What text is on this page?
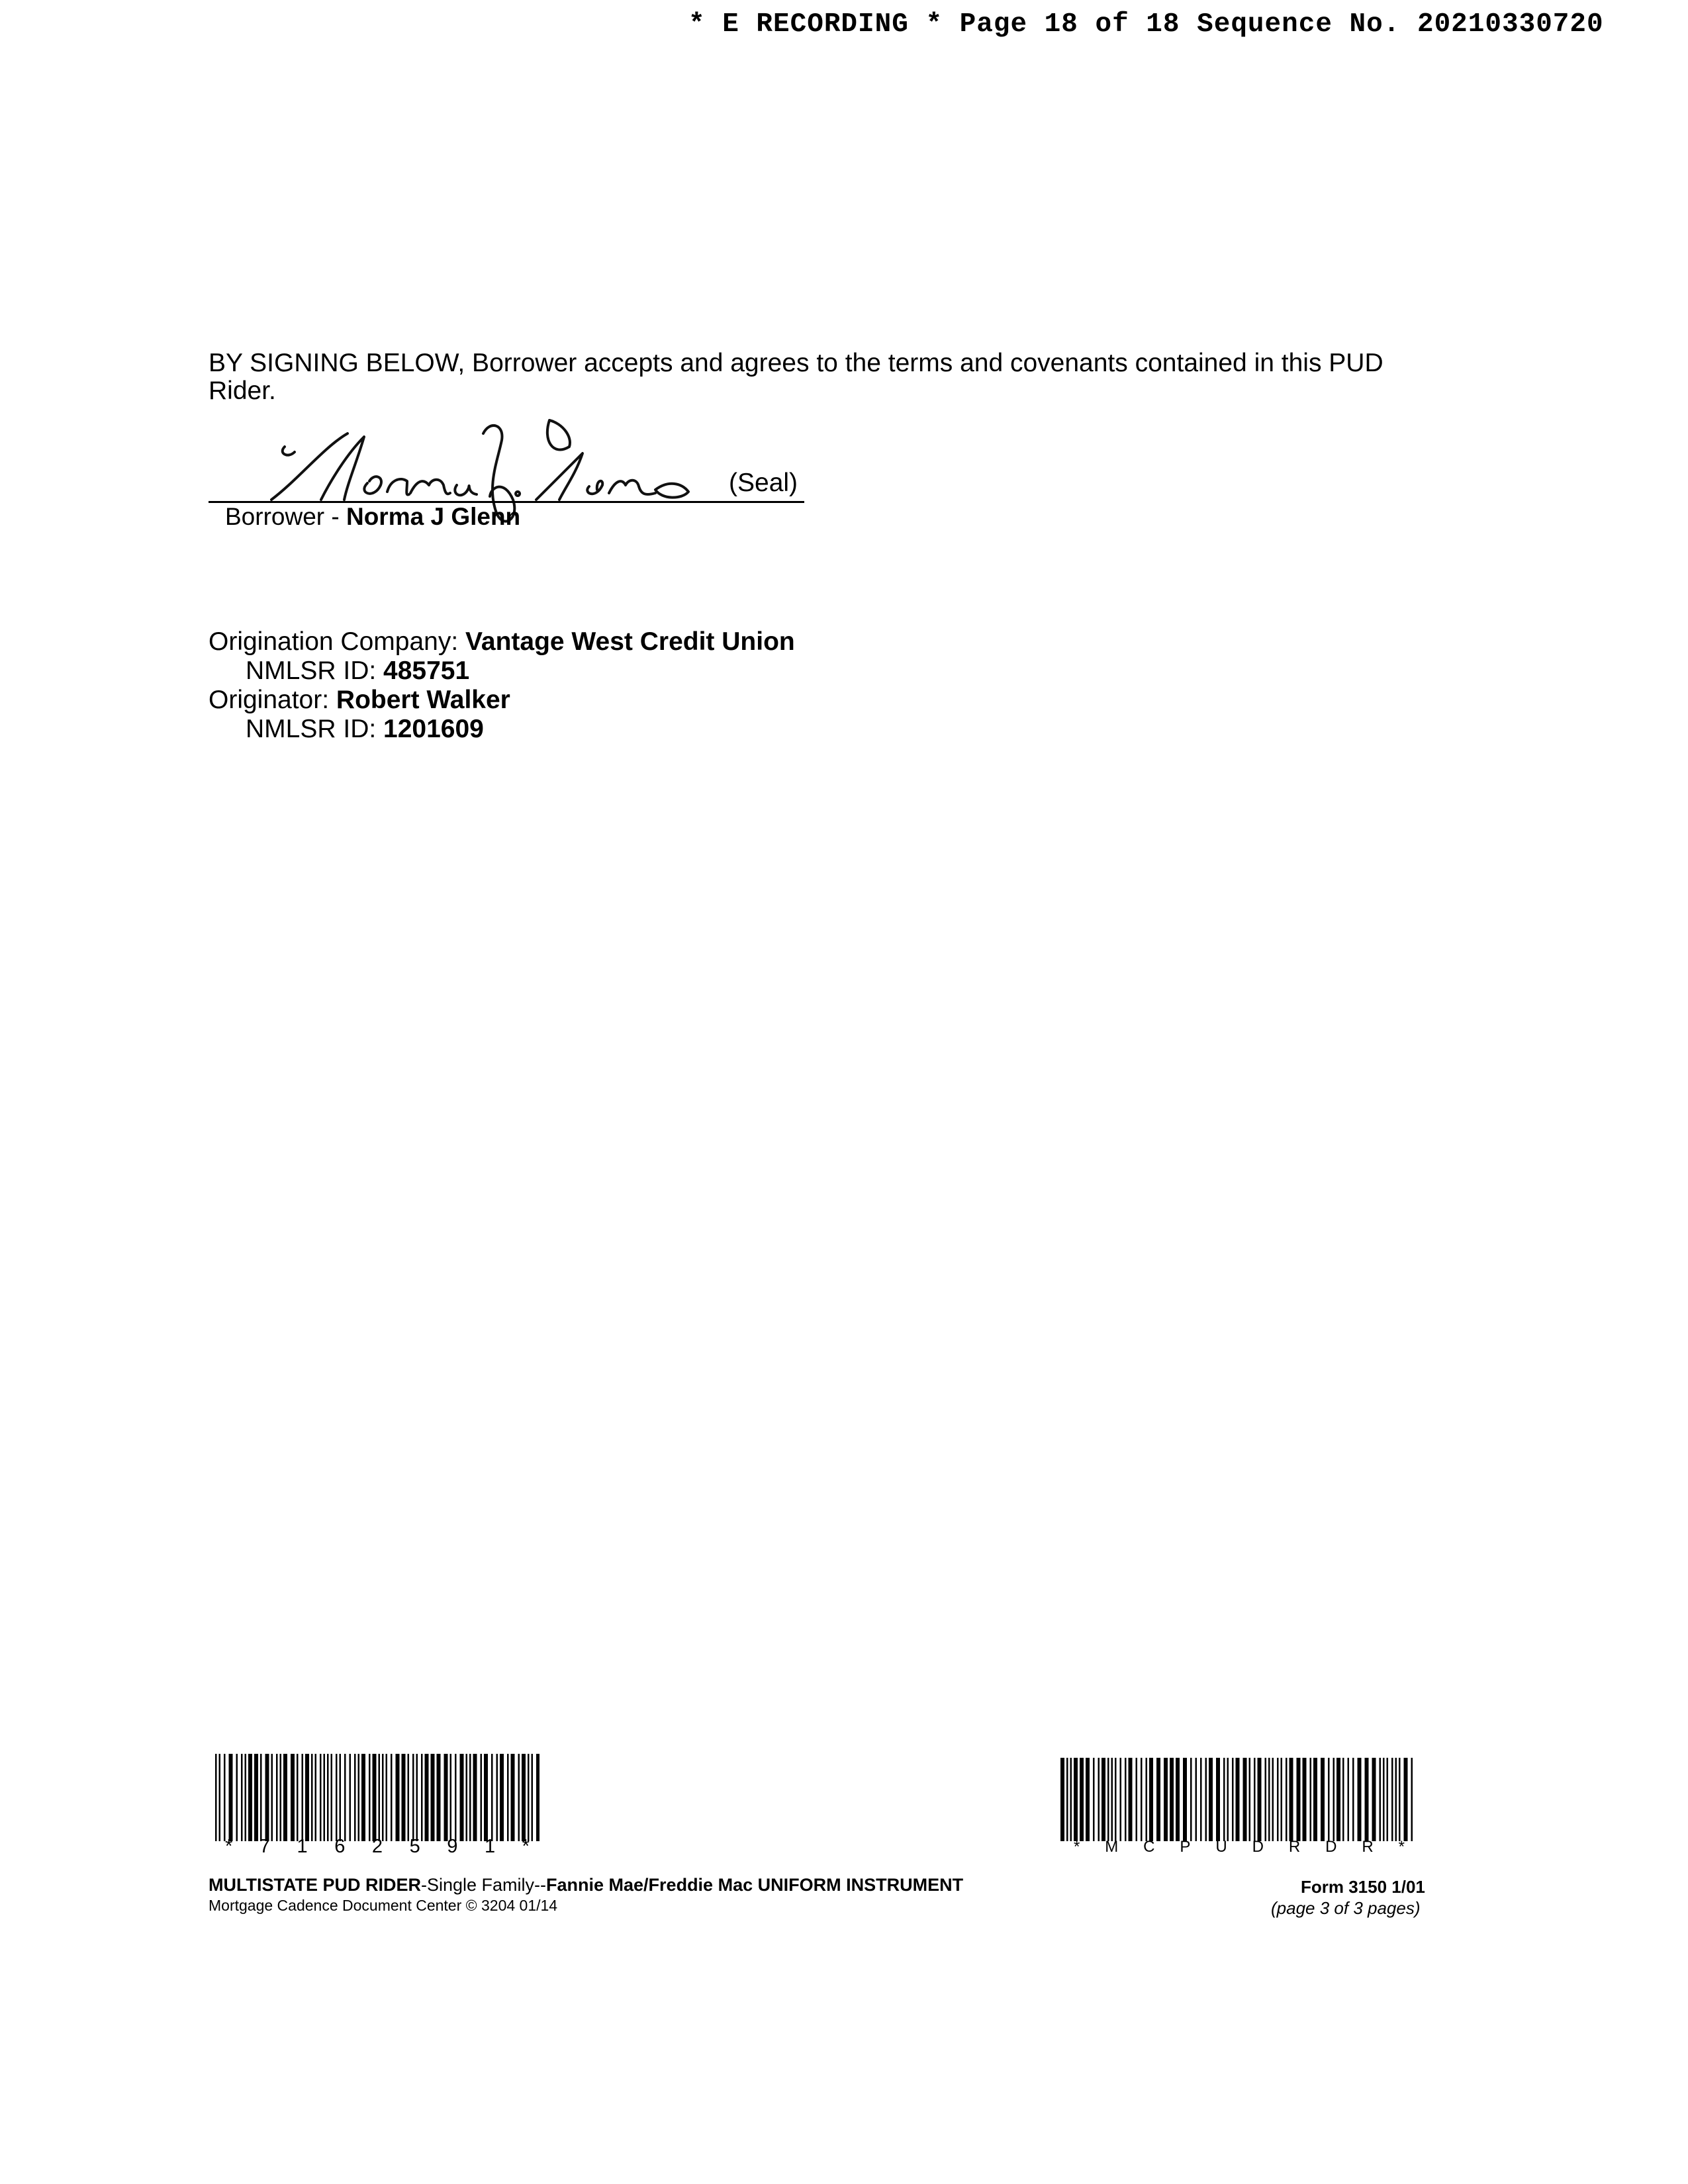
* E RECORDING * Page 18 of 18 Sequence No. 20210330720
BY SIGNING BELOW, Borrower accepts and agrees to the terms and covenants contained in this PUD Rider.
(Seal)
Borrower - Norma J Glenn
Origination Company: Vantage West Credit Union
NMLSR ID: 485751
Originator: Robert Walker
NMLSR ID: 1201609
* 7 1 6 2 5 9 1 *	* M C P U D R D R *
MULTISTATE PUD RIDER-Single Family--Fannie Mae/Freddie Mac UNIFORM INSTRUMENT
Mortgage Cadence Document Center © 3204 01/14
Form 3150 1/01
(page 3 of 3 pages)
